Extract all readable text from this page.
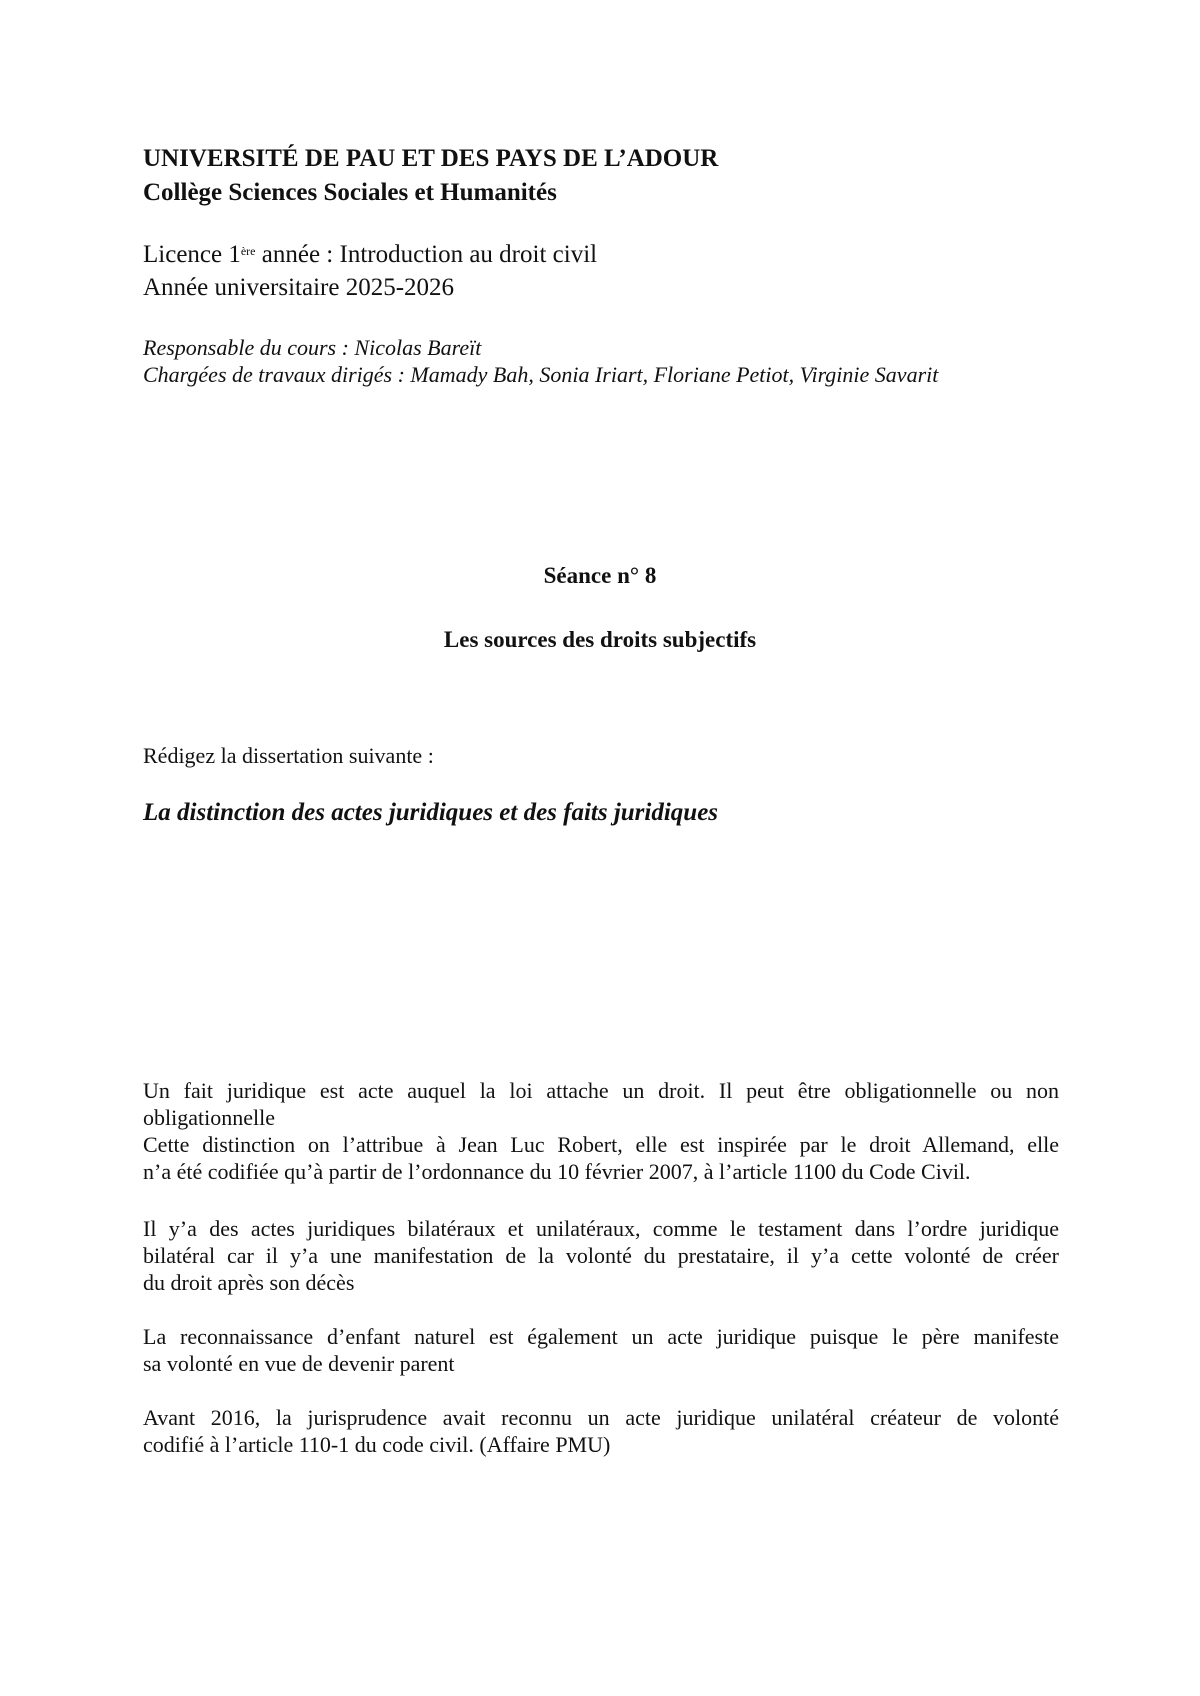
UNIVERSITÉ DE PAU ET DES PAYS DE L’ADOUR

Collège Sciences Sociales et Humanités

Licence 1ère année : Introduction au droit civil

Année universitaire 2025-2026

Responsable du cours : Nicolas Bareït

Chargées de travaux dirigés : Mamady Bah, Sonia Iriart, Floriane Petiot, Virginie Savarit

Séance n° 8

Les sources des droits subjectifs

Rédigez la dissertation suivante :

La distinction des actes juridiques et des faits juridiques

Un fait juridique est acte auquel la loi attache un droit. Il peut être obligationnelle ou non
obligationnelle
Cette distinction on l’attribue à Jean Luc Robert, elle est inspirée par le droit Allemand, elle
n’a été codifiée qu’à partir de l’ordonnance du 10 février 2007, à l’article 1100 du Code Civil.
Il y’a des actes juridiques bilatéraux et unilatéraux, comme le testament dans l’ordre juridique
bilatéral car il y’a une manifestation de la volonté du prestataire, il y’a cette volonté de créer
du droit après son décès
La reconnaissance d’enfant naturel est également un acte juridique puisque le père manifeste
sa volonté en vue de devenir parent
Avant 2016, la jurisprudence avait reconnu un acte juridique unilatéral créateur de volonté
codifié à l’article 110-1 du code civil. (Affaire PMU)
